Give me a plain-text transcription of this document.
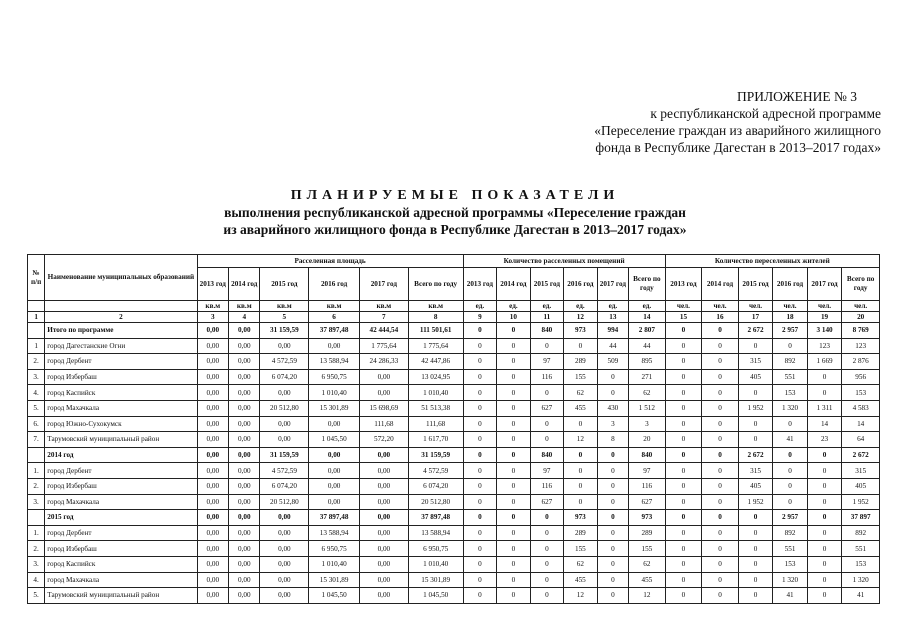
ПРИЛОЖЕНИЕ № 3
к республиканской адресной программе
«Переселение граждан из аварийного жилищного
фонда в Республике Дагестан в 2013–2017 годах»
ПЛАНИРУЕМЫЕ ПОКАЗАТЕЛИ
выполнения республиканской адресной программы «Переселение граждан
из аварийного жилищного фонда в Республике Дагестан в 2013–2017 годах»
№ п/п	Наименование муниципальных образований	Расселенная площадь						Количество расселенных помещений						Количество переселенных жителей					
		2013 год	2014 год	2015 год	2016 год	2017 год	Всего по году	2013 год	2014 год	2015 год	2016 год	2017 год	Всего по году	2013 год	2014 год	2015 год	2016 год	2017 год	Всего по году
		кв.м	кв.м	кв.м	кв.м	кв.м	кв.м	ед.	ед.	ед.	ед.	ед.	ед.	чел.	чел.	чел.	чел.	чел.	чел.
1	2	3	4	5	6	7	8	9	10	11	12	13	14	15	16	17	18	19	20
	Итого по программе	0,00	0,00	31 159,59	37 897,48	42 444,54	111 501,61	0	0	840	973	994	2 807	0	0	2 672	2 957	3 140	8 769
1	город Дагестанские Огни	0,00	0,00	0,00	0,00	1 775,64	1 775,64	0	0	0	0	44	44	0	0	0	0	123	123
2.	город Дербент	0,00	0,00	4 572,59	13 588,94	24 286,33	42 447,86	0	0	97	289	509	895	0	0	315	892	1 669	2 876
3.	город Избербаш	0,00	0,00	6 074,20	6 950,75	0,00	13 024,95	0	0	116	155	0	271	0	0	405	551	0	956
4.	город Каспийск	0,00	0,00	0,00	1 010,40	0,00	1 010,40	0	0	0	62	0	62	0	0	0	153	0	153
5.	город Махачкала	0,00	0,00	20 512,80	15 301,89	15 698,69	51 513,38	0	0	627	455	430	1 512	0	0	1 952	1 320	1 311	4 583
6.	город Южно-Сухокумск	0,00	0,00	0,00	0,00	111,68	111,68	0	0	0	0	3	3	0	0	0	0	14	14
7.	Тарумовский муниципальный район	0,00	0,00	0,00	1 045,50	572,20	1 617,70	0	0	0	12	8	20	0	0	0	41	23	64
	2014 год	0,00	0,00	31 159,59	0,00	0,00	31 159,59	0	0	840	0	0	840	0	0	2 672	0	0	2 672
1.	город Дербент	0,00	0,00	4 572,59	0,00	0,00	4 572,59	0	0	97	0	0	97	0	0	315	0	0	315
2.	город Избербаш	0,00	0,00	6 074,20	0,00	0,00	6 074,20	0	0	116	0	0	116	0	0	405	0	0	405
3.	город Махачкала	0,00	0,00	20 512,80	0,00	0,00	20 512,80	0	0	627	0	0	627	0	0	1 952	0	0	1 952
	2015 год	0,00	0,00	0,00	37 897,48	0,00	37 897,48	0	0	0	973	0	973	0	0	0	2 957	0	37 897
1.	город Дербент	0,00	0,00	0,00	13 588,94	0,00	13 588,94	0	0	0	289	0	289	0	0	0	892	0	892
2.	город Избербаш	0,00	0,00	0,00	6 950,75	0,00	6 950,75	0	0	0	155	0	155	0	0	0	551	0	551
3.	город Каспийск	0,00	0,00	0,00	1 010,40	0,00	1 010,40	0	0	0	62	0	62	0	0	0	153	0	153
4.	город Махачкала	0,00	0,00	0,00	15 301,89	0,00	15 301,89	0	0	0	455	0	455	0	0	0	1 320	0	1 320
5.	Тарумовский муниципальный район	0,00	0,00	0,00	1 045,50	0,00	1 045,50	0	0	0	12	0	12	0	0	0	41	0	41
